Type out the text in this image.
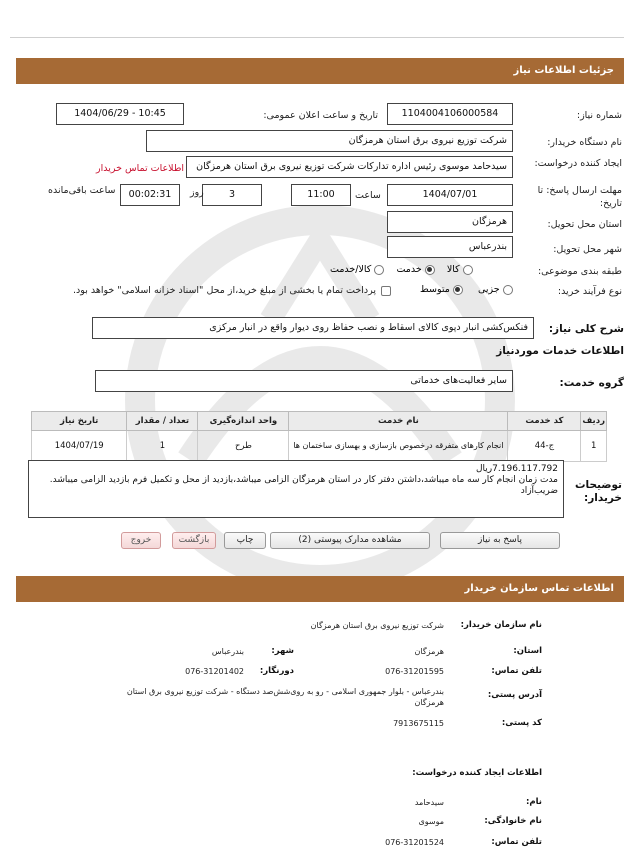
جزئیات اطلاعات نیاز
شماره نیاز:
1104004106000584
تاریخ و ساعت اعلان عمومی:
1404/06/29 - 10:45
نام دستگاه خریدار:
شرکت توزیع نیروی برق استان هرمزگان
ایجاد کننده درخواست:
سیدحامد موسوی رئیس اداره تدارکات شرکت توزیع نیروی برق استان هرمزگان
اطلاعات تماس خریدار
مهلت ارسال پاسخ: تا تاریخ:
1404/07/01
ساعت
11:00
3
روز
00:02:31
ساعت باقی‌مانده
استان محل تحویل:
هرمزگان
شهر محل تحویل:
بندرعباس
طبقه بندی موضوعی:
کالا     خدمت     کالا/خدمت
نوع فرآیند خرید:
جزیی      متوسط
پرداخت تمام یا بخشی از مبلغ خرید،از محل "اسناد خزانه اسلامی" خواهد بود.
شرح کلی نیاز:
فنکس‌کشی انبار دپوی کالای اسقاط و نصب حفاظ روی دیوار واقع در انبار مرکزی
اطلاعات خدمات موردنیاز
گروه خدمت:
سایر فعالیت‌های خدماتی
ردیف	کد خدمت	نام خدمت	واحد اندازه‌گیری	تعداد / مقدار	تاریخ نیاز
1	ج-44	انجام کارهای متفرقه درخصوص بازسازی و بهسازی ساختمان ها	طرح	1	1404/07/19
توضیحات خریدار:
7.196.117.792ریال
مدت زمان انجام کار سه ماه میباشد،داشتن دفتر کار در استان هرمزگان الزامی میباشد،بازدید از محل و تکمیل فرم بازدید الزامی میباشد.
ضریب‌آزاد
پاسخ به نیاز
مشاهده مدارک پیوستی (2)
چاپ
بازگشت
خروج
اطلاعات تماس سازمان خریدار
نام سازمان خریدار:
شرکت توزیع نیروی برق استان هرمزگان
استان:
هرمزگان
شهر:
بندرعباس
تلفن تماس:
076-31201595
دورنگار:
076-31201402
آدرس پستی:
بندرعباس - بلوار جمهوری اسلامی - رو به روی‌شش‌صد دستگاه - شرکت توزیع نیروی برق استان هرمزگان
کد پستی:
7913675115
اطلاعات ایجاد کننده درخواست:
نام:
سیدحامد
نام خانوادگی:
موسوی
تلفن تماس:
076-31201524
